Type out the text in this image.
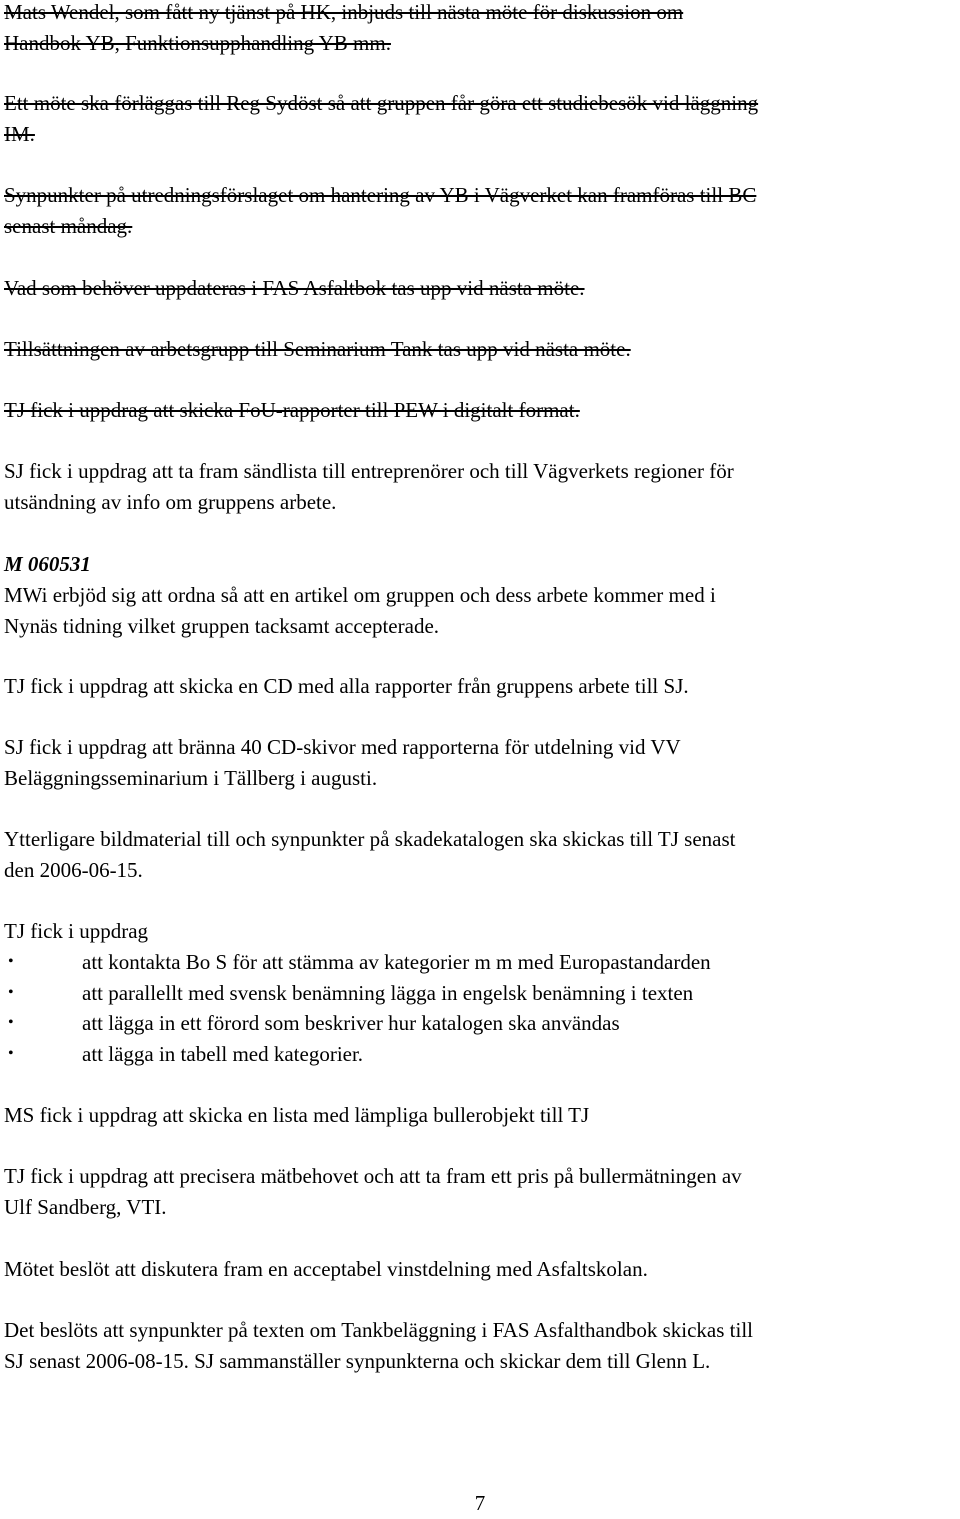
Mats Wendel, som fått ny tjänst på HK, inbjuds till nästa möte för diskussion om
Handbok YB, Funktionsupphandling YB mm.

Ett möte ska förläggas till Reg Sydöst så att gruppen får göra ett studiebesök vid läggning
IM.

Synpunkter på utredningsförslaget om hantering av YB i Vägverket kan framföras till BC
senast måndag.

Vad som behöver uppdateras i FAS Asfaltbok tas upp vid nästa möte.

Tillsättningen av arbetsgrupp till Seminarium Tank tas upp vid nästa möte.

TJ fick i uppdrag att skicka FoU-rapporter till PEW i digitalt format.

SJ fick i uppdrag att ta fram sändlista till entreprenörer och till Vägverkets regioner för
utsändning av info om gruppens arbete.

M 060531

MWi erbjöd sig att ordna så att en artikel om gruppen och dess arbete kommer med i
Nynäs tidning vilket gruppen tacksamt accepterade.

TJ fick i uppdrag att skicka en CD med alla rapporter från gruppens arbete till SJ.

SJ fick i uppdrag att bränna 40 CD-skivor med rapporterna för utdelning vid VV
Beläggningsseminarium i Tällberg i augusti.

Ytterligare bildmaterial till och synpunkter på skadekatalogen ska skickas till TJ senast
den 2006-06-15.

TJ fick i uppdrag

•	att kontakta Bo S för att stämma av kategorier m m med Europastandarden
•	att parallellt med svensk benämning lägga in engelsk benämning i texten
•	att lägga in ett förord som beskriver hur katalogen ska användas
•	att lägga in tabell med kategorier.

MS fick i uppdrag att skicka en lista med lämpliga bullerobjekt till TJ

TJ fick i uppdrag att precisera mätbehovet och att ta fram ett pris på bullermätningen av
Ulf Sandberg, VTI.

Mötet beslöt att diskutera fram en acceptabel vinstdelning med Asfaltskolan.

Det beslöts att synpunkter på texten om Tankbeläggning i FAS Asfalthandbok skickas till
SJ senast 2006-08-15. SJ sammanställer synpunkterna och skickar dem till Glenn L.

7
